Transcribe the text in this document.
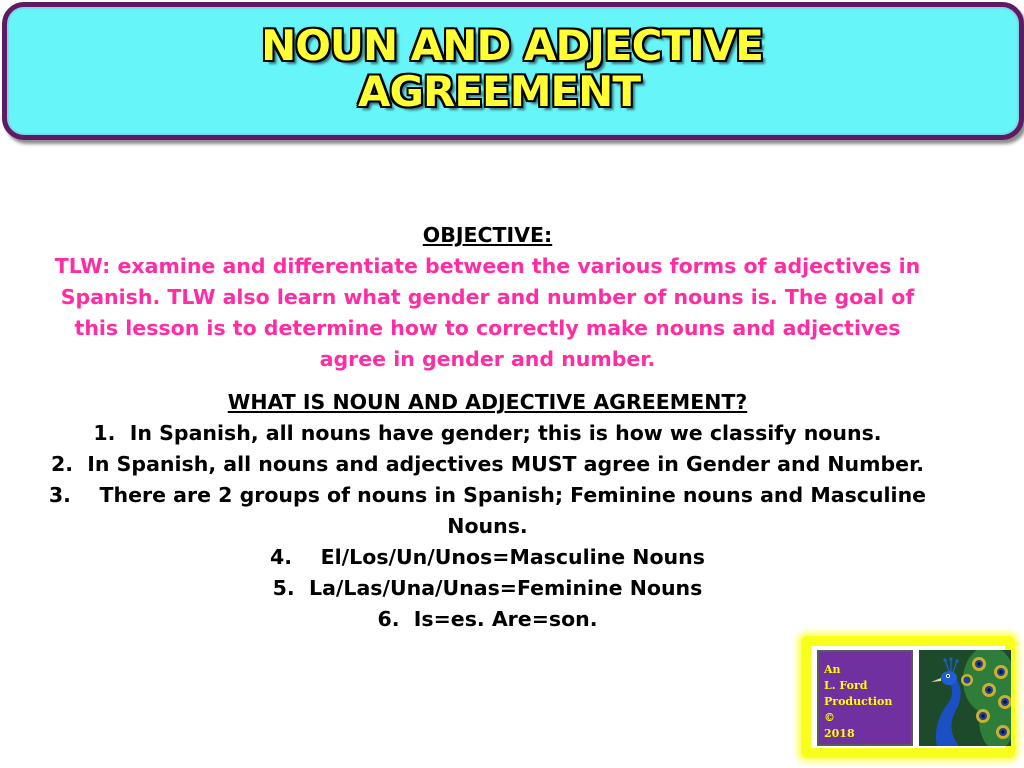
NOUN AND ADJECTIVE
AGREEMENT

OBJECTIVE:

TLW: examine and differentiate between the various forms of adjectives in

Spanish. TLW also learn what gender and number of nouns is. The goal of

this lesson is to determine how to correctly make nouns and adjectives

agree in gender and number.

WHAT IS NOUN AND ADJECTIVE AGREEMENT?

1. In Spanish, all nouns have gender; this is how we classify nouns.
2. In Spanish, all nouns and adjectives MUST agree in Gender and Number.
3. There are 2 groups of nouns in Spanish; Feminine nouns and Masculine
Nouns.
4. El/Los/Un/Unos=Masculine Nouns
5. La/Las/Una/Unas=Feminine Nouns
6. Is=es. Are=son.
An
L. Ford
Production
©
2018
